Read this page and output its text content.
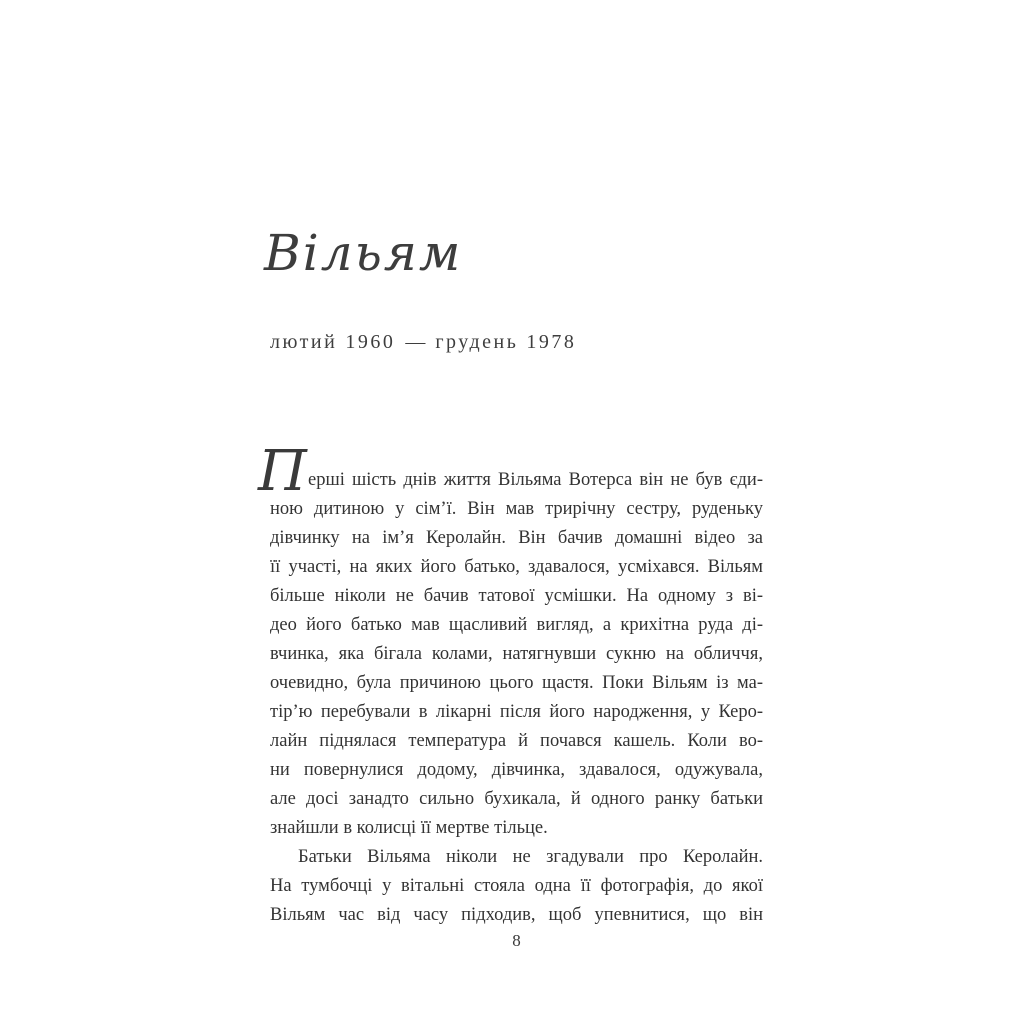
Вільям
лютий 1960 — грудень 1978
П ерші шість днів життя Вільяма Вотерса він не був єди-
ною дитиною у сім’ї. Він мав трирічну сестру, руденьку
дівчинку на ім’я Керолайн. Він бачив домашні відео за
її участі, на яких його батько, здавалося, усміхався. Вільям
більше ніколи не бачив татової усмішки. На одному з ві-
део його батько мав щасливий вигляд, а крихітна руда ді-
вчинка, яка бігала колами, натягнувши сукню на обличчя,
очевидно, була причиною цього щастя. Поки Вільям із ма-
тір’ю перебували в лікарні після його народження, у Керо-
лайн піднялася температура й почався кашель. Коли во-
ни повернулися додому, дівчинка, здавалося, одужувала,
але досі занадто сильно бухикала, й одного ранку батьки
знайшли в колисці її мертве тільце.
Батьки Вільяма ніколи не згадували про Керолайн.
На тумбочці у вітальні стояла одна її фотографія, до якої
Вільям час від часу підходив, щоб упевнитися, що він
8
